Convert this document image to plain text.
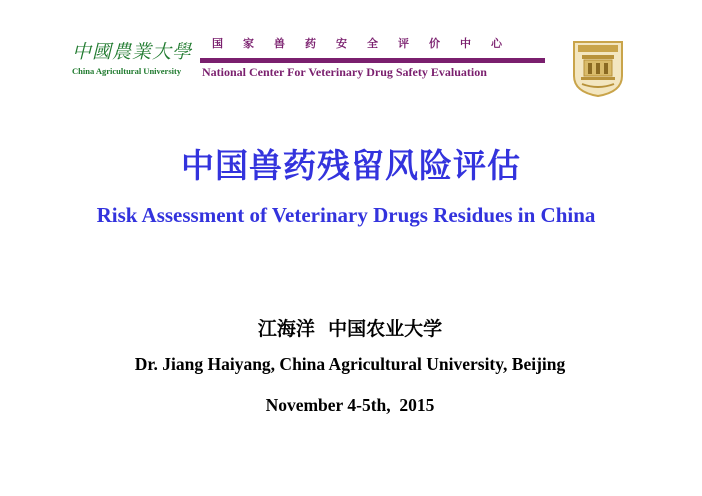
中國農業大學
China Agricultural University
国家兽药安全评价中心
National Center For Veterinary Drug Safety Evaluation
中国兽药残留风险评估
Risk Assessment of Veterinary Drugs Residues in China
江海洋  中国农业大学
Dr. Jiang Haiyang, China Agricultural University, Beijing
November 4-5th,  2015
